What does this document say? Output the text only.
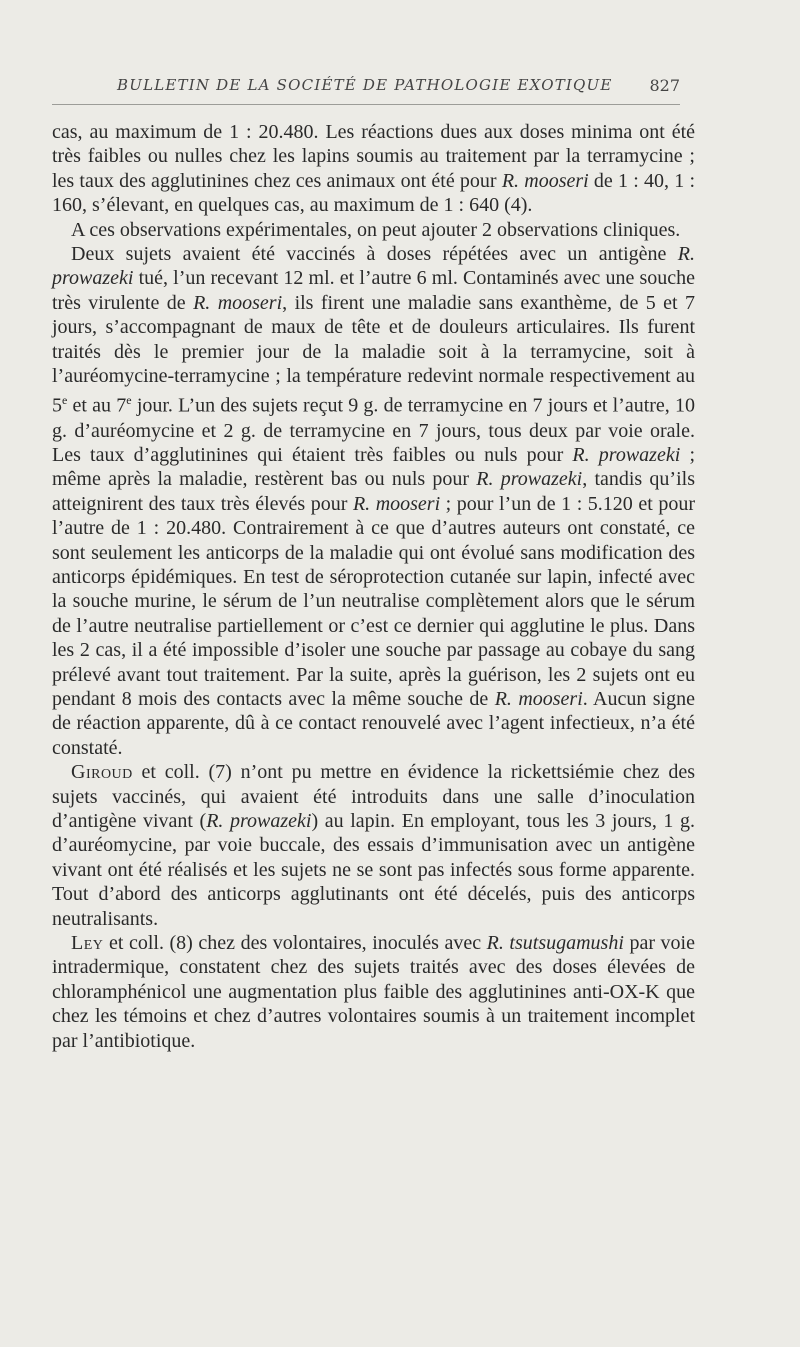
BULLETIN DE LA SOCIÉTÉ DE PATHOLOGIE EXOTIQUE 827

cas, au maximum de 1 : 20.480. Les réactions dues aux doses minima ont été très faibles ou nulles chez les lapins soumis au traitement par la terramycine ; les taux des agglutinines chez ces animaux ont été pour R. mooseri de 1 : 40, 1 : 160, s’élevant, en quelques cas, au maximum de 1 : 640 (4).

A ces observations expérimentales, on peut ajouter 2 observations cliniques.

Deux sujets avaient été vaccinés à doses répétées avec un antigène R. prowazeki tué, l’un recevant 12 ml. et l’autre 6 ml. Contaminés avec une souche très virulente de R. mooseri, ils firent une maladie sans exanthème, de 5 et 7 jours, s’accompagnant de maux de tête et de douleurs articulaires. Ils furent traités dès le premier jour de la maladie soit à la terramycine, soit à l’auréomycine-terramycine ; la température redevint normale respectivement au 5e et au 7e jour. L’un des sujets reçut 9 g. de terramycine en 7 jours et l’autre, 10 g. d’auréomycine et 2 g. de terramycine en 7 jours, tous deux par voie orale. Les taux d’agglutinines qui étaient très faibles ou nuls pour R. prowazeki ; même après la maladie, restèrent bas ou nuls pour R. prowazeki, tandis qu’ils atteignirent des taux très élevés pour R. mooseri ; pour l’un de 1 : 5.120 et pour l’autre de 1 : 20.480. Contrairement à ce que d’autres auteurs ont constaté, ce sont seulement les anticorps de la maladie qui ont évolué sans modification des anticorps épidémiques. En test de séroprotection cutanée sur lapin, infecté avec la souche murine, le sérum de l’un neutralise complètement alors que le sérum de l’autre neutralise partiellement or c’est ce dernier qui agglutine le plus. Dans les 2 cas, il a été impossible d’isoler une souche par passage au cobaye du sang prélevé avant tout traitement. Par la suite, après la guérison, les 2 sujets ont eu pendant 8 mois des contacts avec la même souche de R. mooseri. Aucun signe de réaction apparente, dû à ce contact renouvelé avec l’agent infectieux, n’a été constaté.

Giroud et coll. (7) n’ont pu mettre en évidence la rickettsiémie chez des sujets vaccinés, qui avaient été introduits dans une salle d’inoculation d’antigène vivant (R. prowazeki) au lapin. En employant, tous les 3 jours, 1 g. d’auréomycine, par voie buccale, des essais d’immunisation avec un antigène vivant ont été réalisés et les sujets ne se sont pas infectés sous forme apparente. Tout d’abord des anticorps agglutinants ont été décelés, puis des anticorps neutralisants.

Ley et coll. (8) chez des volontaires, inoculés avec R. tsutsugamushi par voie intradermique, constatent chez des sujets traités avec des doses élevées de chloramphénicol une augmentation plus faible des agglutinines anti-OX-K que chez les témoins et chez d’autres volontaires soumis à un traitement incomplet par l’antibiotique.
